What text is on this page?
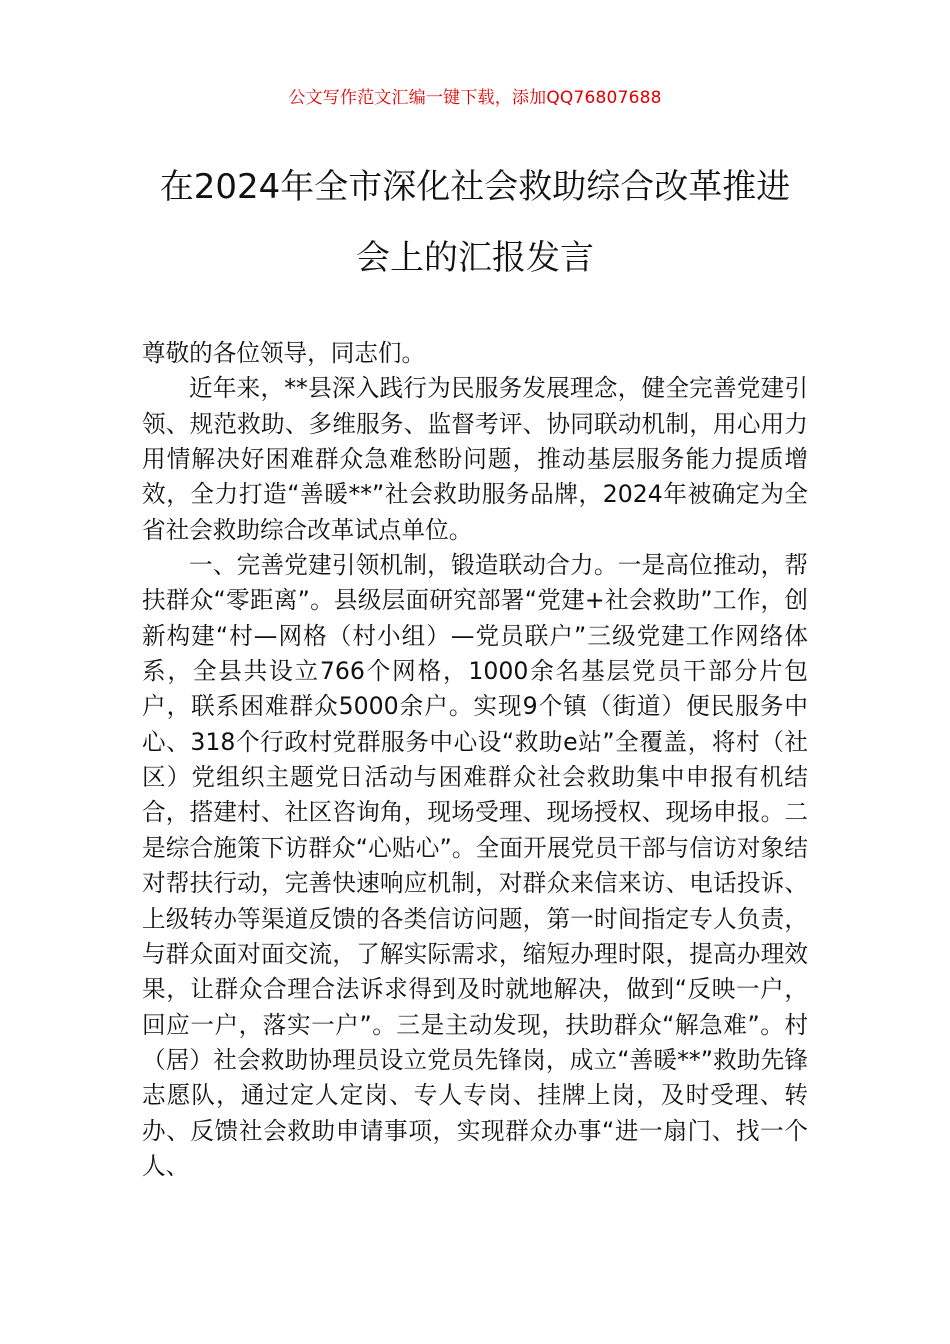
公文写作范文汇编一键下载，添加QQ76807688
在2024年全市深化社会救助综合改革推进
会上的汇报发言

尊敬的各位领导，同志们。

近年来，**县深入践行为民服务发展理念，健全完善党建引领、规范救助、多维服务、监督考评、协同联动机制，用心用力用情解决好困难群众急难愁盼问题，推动基层服务能力提质增效，全力打造“善暖**”社会救助服务品牌，2024年被确定为全省社会救助综合改革试点单位。

一、完善党建引领机制，锻造联动合力。一是高位推动，帮扶群众“零距离”。县级层面研究部署“党建+社会救助”工作，创新构建“村—网格（村小组）—党员联户”三级党建工作网络体系，全县共设立766个网格，1000余名基层党员干部分片包户，联系困难群众5000余户。实现9个镇（街道）便民服务中心、318个行政村党群服务中心设“救助e站”全覆盖，将村（社区）党组织主题党日活动与困难群众社会救助集中申报有机结合，搭建村、社区咨询角，现场受理、现场授权、现场申报。二是综合施策下访群众“心贴心”。全面开展党员干部与信访对象结对帮扶行动，完善快速响应机制，对群众来信来访、电话投诉、上级转办等渠道反馈的各类信访问题，第一时间指定专人负责，与群众面对面交流，了解实际需求，缩短办理时限，提高办理效果，让群众合理合法诉求得到及时就地解决，做到“反映一户，回应一户，落实一户”。三是主动发现，扶助群众“解急难”。村（居）社会救助协理员设立党员先锋岗，成立“善暖**”救助先锋志愿队，通过定人定岗、专人专岗、挂牌上岗，及时受理、转办、反馈社会救助申请事项，实现群众办事“进一扇门、找一个人、
